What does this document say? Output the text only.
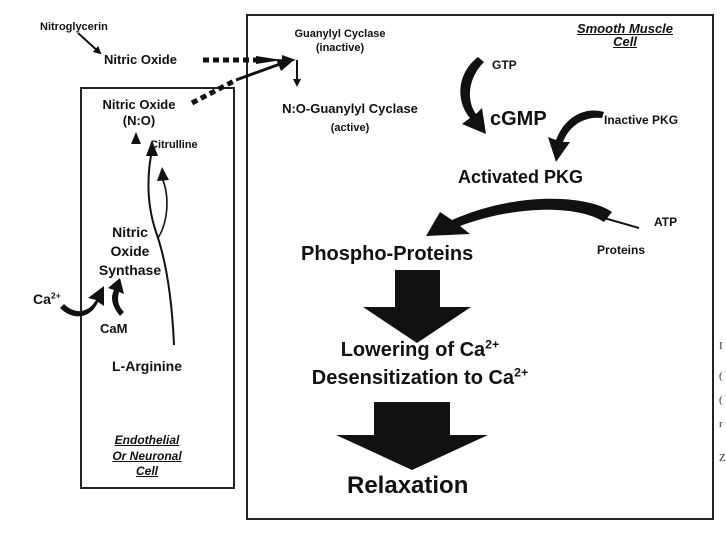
Smooth Muscle
Cell
Nitroglycerin
Nitric Oxide
Guanylyl Cyclase
(inactive)
N:O-Guanylyl Cyclase
(active)
GTP
cGMP	Inactive PKG
Activated PKG
ATP
Proteins
Phospho-Proteins
Lowering of $Ca^{2+}$
Desensitization to $Ca^{2+}$
Relaxation
Nitric Oxide
(N:O)
Citrulline
Nitric
Oxide
Synthase
$Ca^{2+}$
CaM
L-Arginine
Endothelial
Or Neuronal
Cell
I
(
(
r
Z
